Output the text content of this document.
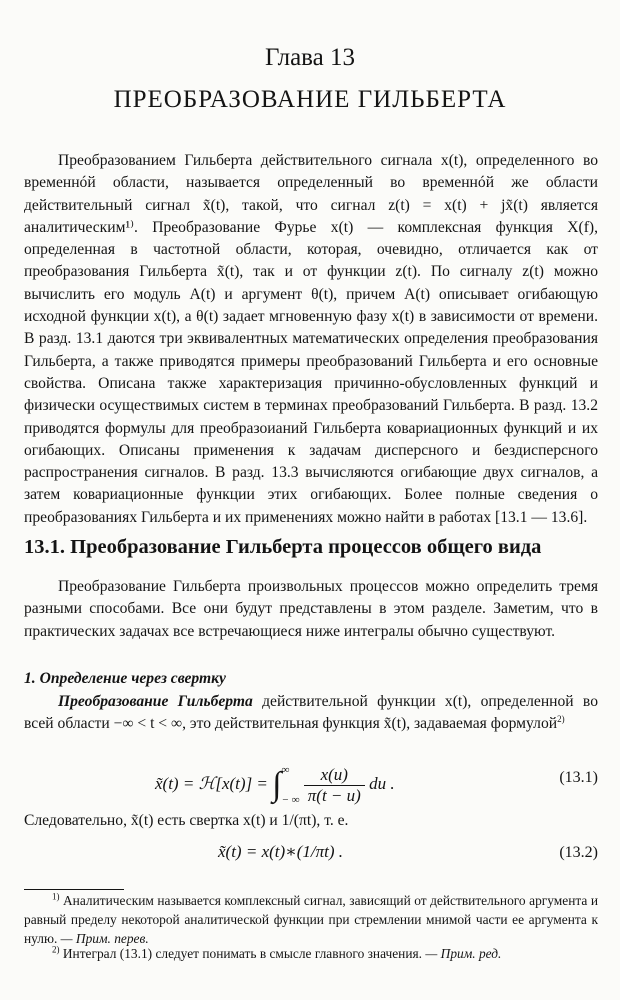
Глава 13
ПРЕОБРАЗОВАНИЕ ГИЛЬБЕРТА

Преобразованием Гильберта действительного сигнала x(t), определенного во временнóй области, называется определенный во временнóй же области действительный сигнал x̃(t), такой, что сигнал z(t) = x(t) + jx̃(t) является аналитическим¹⁾. Преобразование Фурье x(t) — комплексная функция X(f), определенная в частотной области, которая, очевидно, отличается как от преобразования Гильберта x̃(t), так и от функции z(t). По сигналу z(t) можно вычислить его модуль A(t) и аргумент θ(t), причем A(t) описывает огибающую исходной функции x(t), а θ(t) задает мгновенную фазу x(t) в зависимости от времени. В разд. 13.1 даются три эквивалентных математических определения преобразования Гильберта, а также приводятся примеры преобразований Гильберта и его основные свойства. Описана также характеризация причинно-обусловленных функций и физически осуществимых систем в терминах преобразований Гильберта. В разд. 13.2 приводятся формулы для преобразоианий Гильберта ковариационных функций и их огибающих. Описаны применения к задачам дисперсного и бездисперсного распространения сигналов. В разд. 13.3 вычисляются огибающие двух сигналов, а затем ковариационные функции этих огибающих. Более полные сведения о преобразованиях Гильберта и их применениях можно найти в работах [13.1 — 13.6].

13.1. Преобразование Гильберта процессов общего вида

Преобразование Гильберта произвольных процессов можно определить тремя разными способами. Все они будут представлены в этом разделе. Заметим, что в практических задачах все встречающиеся ниже интегралы обычно существуют.

1. Определение через свертку

Преобразование Гильберта действительной функции x(t), определенной во всей области −∞ < t < ∞, это действительная функция x̃(t), задаваемая формулой$^{2)}$

x̃(t) = ℋ[x(t)] = ∫ ∞
− ∞
$\frac{x(u)}{\pi(t - u)}$ du .	(13.1)

Следовательно, x̃(t) есть свертка x(t) и 1/(πt), т. е.

x̃(t) = x(t)∗(1/πt) .	(13.2)

$^{1)}$ Аналитическим называется комплексный сигнал, зависящий от действительного аргумента и равный пределу некоторой аналитической функции при стремлении мнимой части ее аргумента к нулю. — Прим. перев.

$^{2)}$ Интеграл (13.1) следует понимать в смысле главного значения. — Прим. ред.
